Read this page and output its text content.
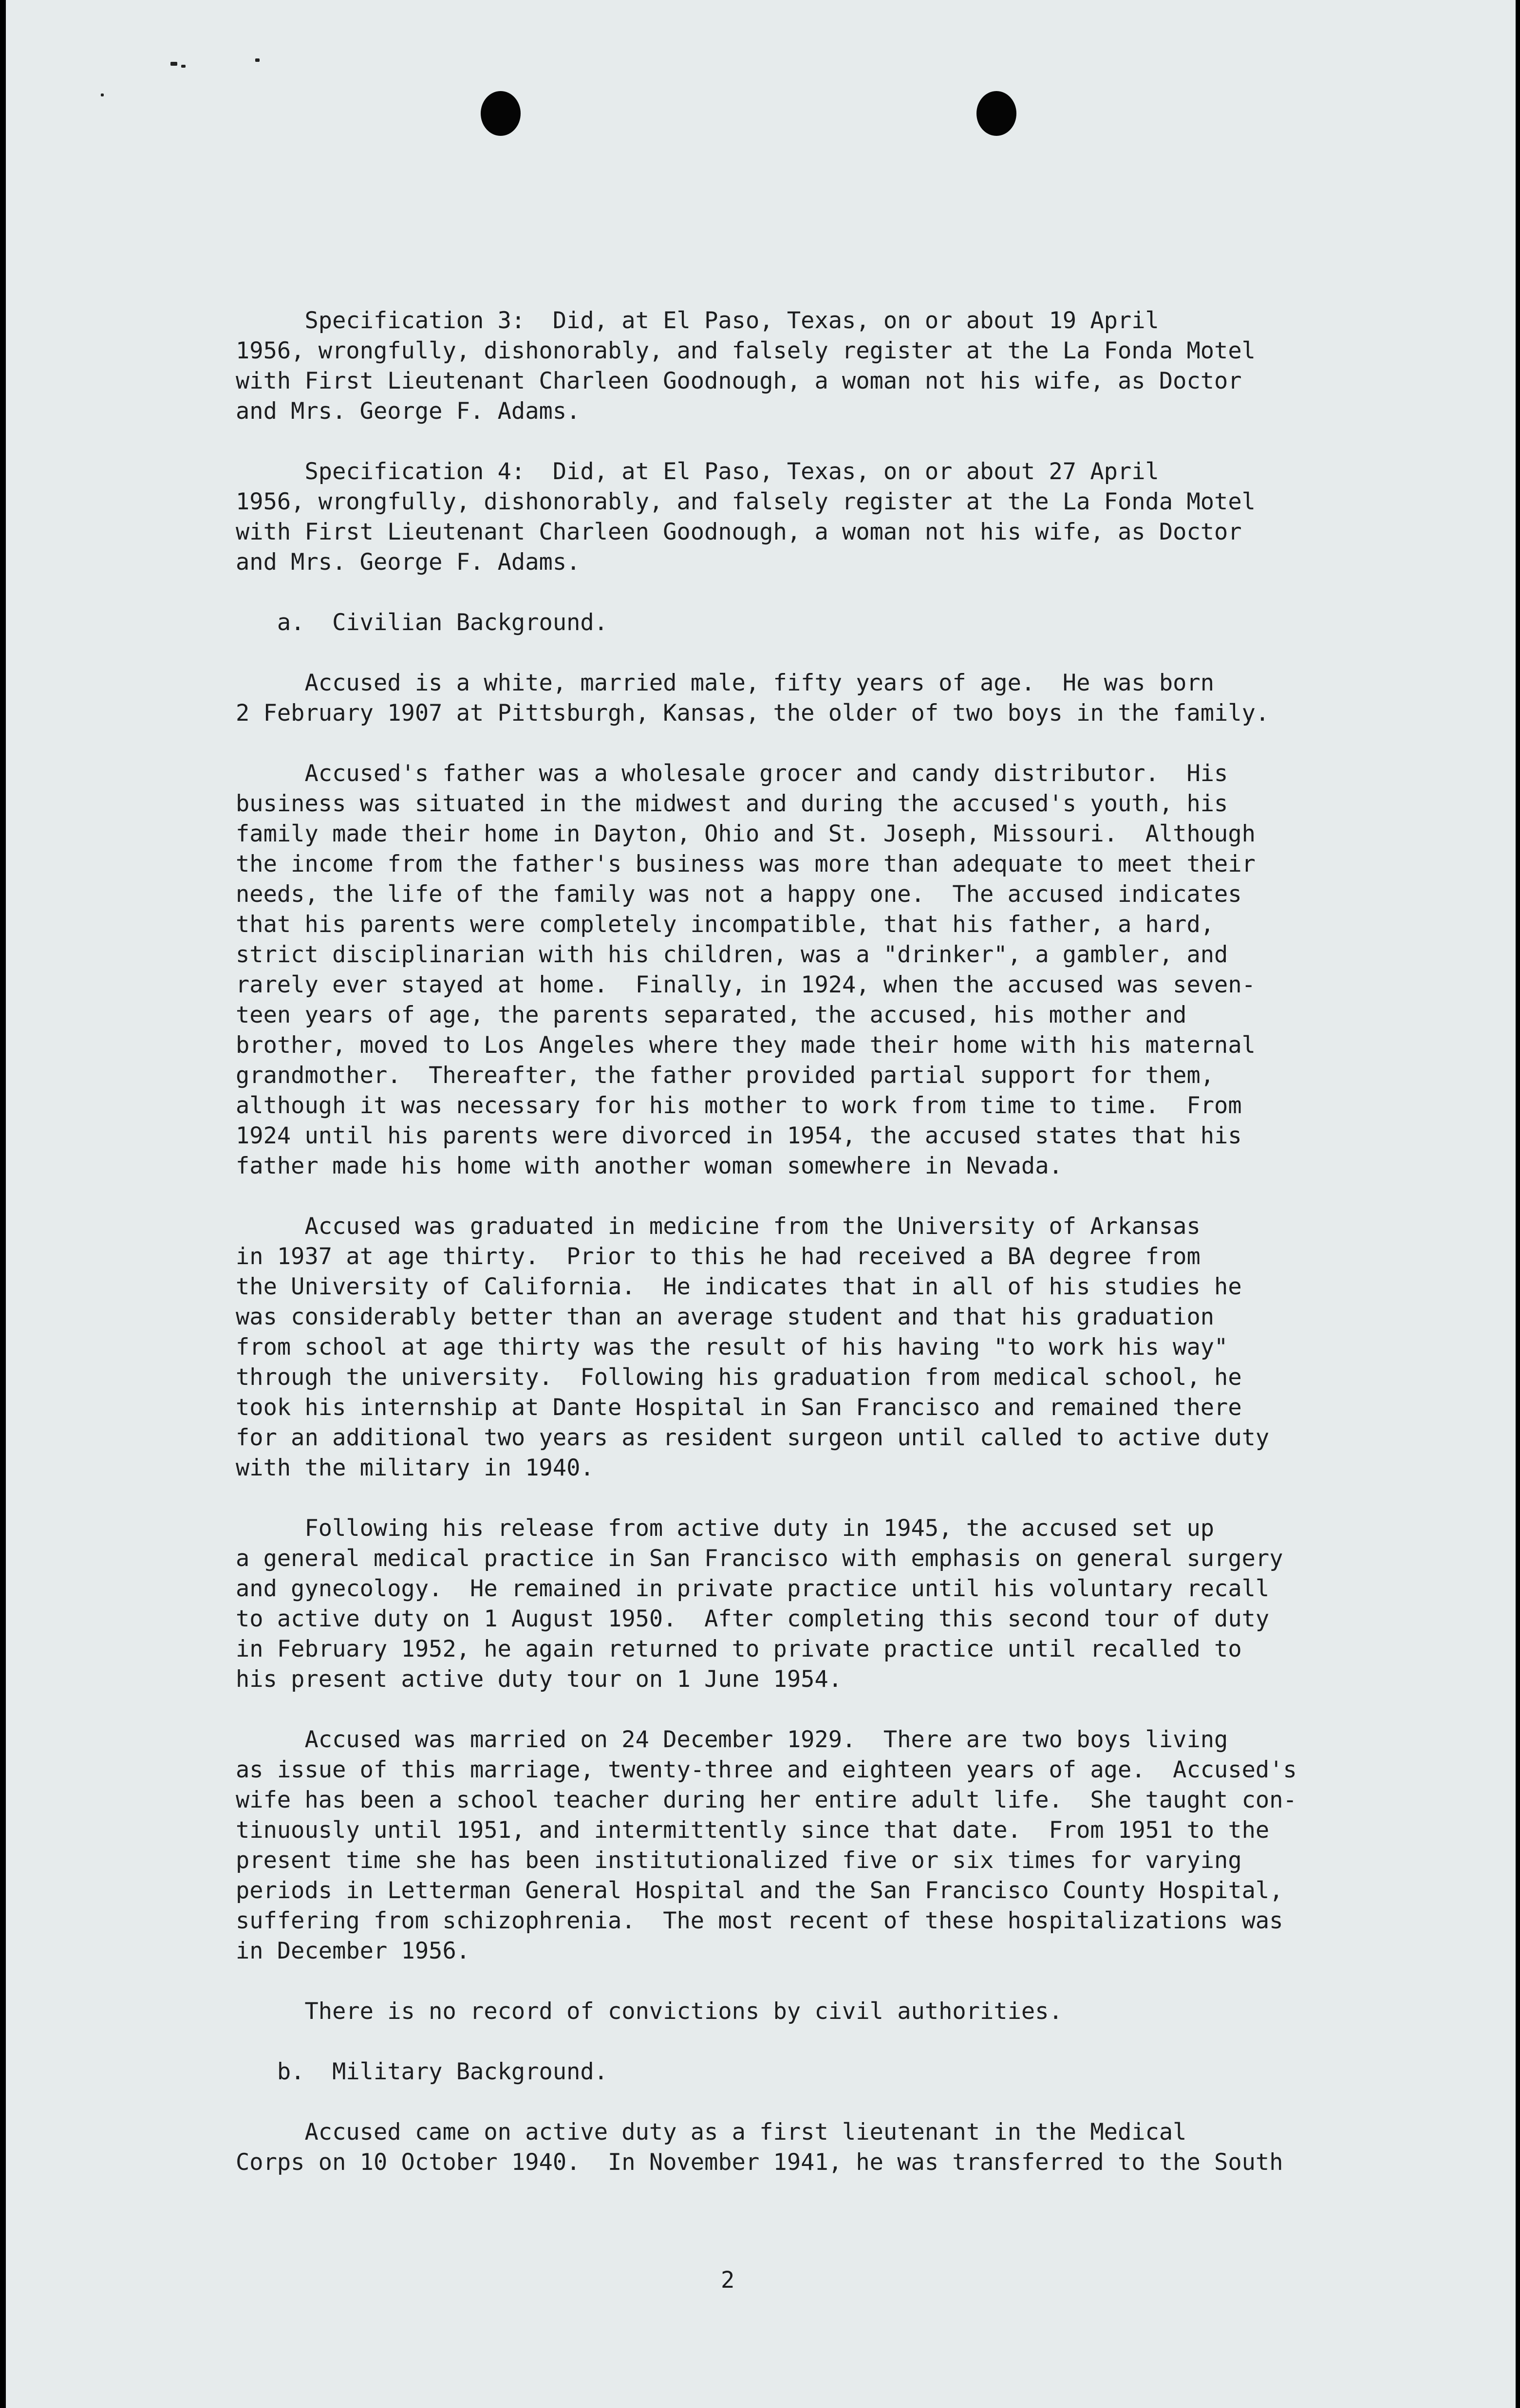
Specification 3:  Did, at El Paso, Texas, on or about 19 April
1956, wrongfully, dishonorably, and falsely register at the La Fonda Motel
with First Lieutenant Charleen Goodnough, a woman not his wife, as Doctor
and Mrs. George F. Adams.

Specification 4:  Did, at El Paso, Texas, on or about 27 April
1956, wrongfully, dishonorably, and falsely register at the La Fonda Motel
with First Lieutenant Charleen Goodnough, a woman not his wife, as Doctor
and Mrs. George F. Adams.

a.  Civilian Background.

Accused is a white, married male, fifty years of age.  He was born
2 February 1907 at Pittsburgh, Kansas, the older of two boys in the family.

Accused's father was a wholesale grocer and candy distributor.  His
business was situated in the midwest and during the accused's youth, his
family made their home in Dayton, Ohio and St. Joseph, Missouri.  Although
the income from the father's business was more than adequate to meet their
needs, the life of the family was not a happy one.  The accused indicates
that his parents were completely incompatible, that his father, a hard,
strict disciplinarian with his children, was a "drinker", a gambler, and
rarely ever stayed at home.  Finally, in 1924, when the accused was seven-
teen years of age, the parents separated, the accused, his mother and
brother, moved to Los Angeles where they made their home with his maternal
grandmother.  Thereafter, the father provided partial support for them,
although it was necessary for his mother to work from time to time.  From
1924 until his parents were divorced in 1954, the accused states that his
father made his home with another woman somewhere in Nevada.

Accused was graduated in medicine from the University of Arkansas
in 1937 at age thirty.  Prior to this he had received a BA degree from
the University of California.  He indicates that in all of his studies he
was considerably better than an average student and that his graduation
from school at age thirty was the result of his having "to work his way"
through the university.  Following his graduation from medical school, he
took his internship at Dante Hospital in San Francisco and remained there
for an additional two years as resident surgeon until called to active duty
with the military in 1940.

Following his release from active duty in 1945, the accused set up
a general medical practice in San Francisco with emphasis on general surgery
and gynecology.  He remained in private practice until his voluntary recall
to active duty on 1 August 1950.  After completing this second tour of duty
in February 1952, he again returned to private practice until recalled to
his present active duty tour on 1 June 1954.

Accused was married on 24 December 1929.  There are two boys living
as issue of this marriage, twenty-three and eighteen years of age.  Accused's
wife has been a school teacher during her entire adult life.  She taught con-
tinuously until 1951, and intermittently since that date.  From 1951 to the
present time she has been institutionalized five or six times for varying
periods in Letterman General Hospital and the San Francisco County Hospital,
suffering from schizophrenia.  The most recent of these hospitalizations was
in December 1956.

There is no record of convictions by civil authorities.

b.  Military Background.

Accused came on active duty as a first lieutenant in the Medical
Corps on 10 October 1940.  In November 1941, he was transferred to the South

2
